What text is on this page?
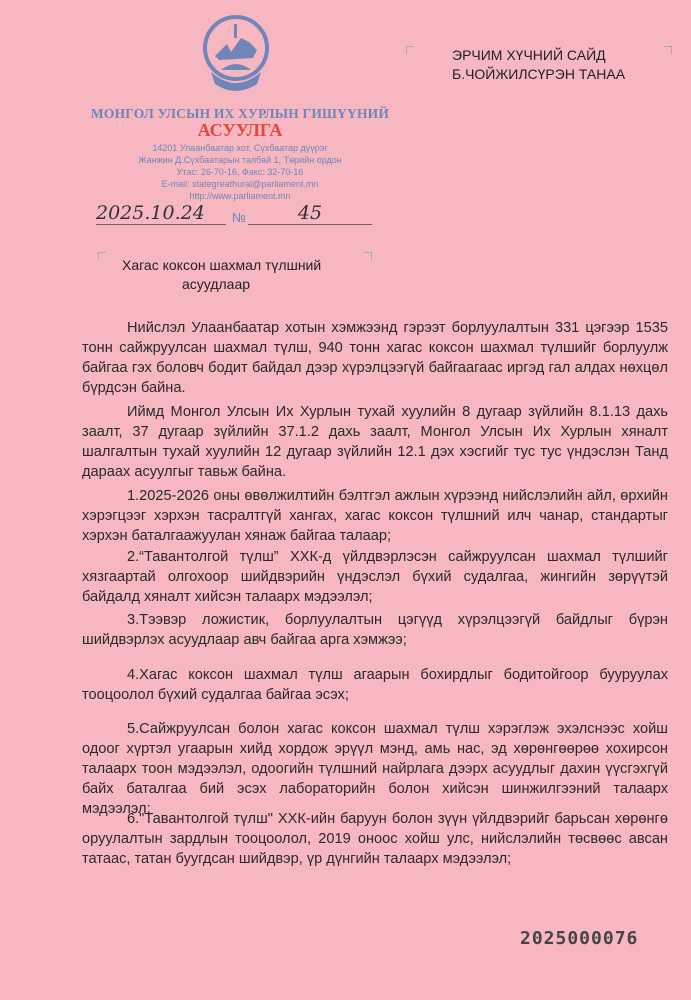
МОНГОЛ УЛСЫН ИХ ХУРЛЫН ГИШҮҮНИЙ
АСУУЛГА
14201 Улаанбаатар хот, Сүхбаатар дүүрэг
Жанжин Д.Сүхбаатарын талбай 1, Төрийн ордон
Утас: 26-70-16, Факс: 32-70-16
E-mail: stategreathural@parliament.mn
http://www.parliament.mn
2025.10.24	№	45
ЭРЧИМ ХҮЧНИЙ САЙД
Б.ЧОЙЖИЛСҮРЭН ТАНАА
Хагас коксон шахмал түлшний
асуудлаар
Нийслэл Улаанбаатар хотын хэмжээнд гэрээт борлуулалтын 331 цэгээр 1535 тонн сайжруулсан шахмал түлш, 940 тонн хагас коксон шахмал түлшийг борлуулж байгаа гэх боловч бодит байдал дээр хүрэлцээгүй байгаагаас иргэд гал алдах нөхцөл бүрдсэн байна.
Иймд Монгол Улсын Их Хурлын тухай хуулийн 8 дугаар зүйлийн 8.1.13 дахь заалт, 37 дугаар зүйлийн 37.1.2 дахь заалт, Монгол Улсын Их Хурлын хяналт шалгалтын тухай хуулийн 12 дугаар зүйлийн 12.1 дэх хэсгийг тус тус үндэслэн Танд дараах асуулгыг тавьж байна.
1.2025-2026 оны өвөлжилтийн бэлтгэл ажлын хүрээнд нийслэлийн айл, өрхийн хэрэгцээг хэрхэн тасралтгүй хангах, хагас коксон түлшний илч чанар, стандартыг хэрхэн баталгаажуулан хянаж байгаа талаар;
2.“Тавантолгой түлш” ХХК-д үйлдвэрлэсэн сайжруулсан шахмал түлшийг хязгаартай олгохоор шийдвэрийн үндэслэл бүхий судалгаа, жингийн зөрүүтэй байдалд хяналт хийсэн талаарх мэдээлэл;
3.Тээвэр ложистик, борлуулалтын цэгүүд хүрэлцээгүй байдлыг бүрэн шийдвэрлэх асуудлаар авч байгаа арга хэмжээ;
4.Хагас коксон шахмал түлш агаарын бохирдлыг бодитойгоор бууруулах тооцоолол бүхий судалгаа байгаа эсэх;
5.Сайжруулсан болон хагас коксон шахмал түлш хэрэглэж эхэлснээс хойш одоог хүртэл угаарын хийд хордож эрүүл мэнд, амь нас, эд хөрөнгөөрөө хохирсон талаарх тоон мэдээлэл, одоогийн түлшний найрлага дээрх асуудлыг дахин үүсгэхгүй байх баталгаа бий эсэх лабораторийн болон хийсэн шинжилгээний талаарх мэдээлэл;
6."Тавантолгой түлш" ХХК-ийн баруун болон зүүн үйлдвэрийг барьсан хөрөнгө оруулалтын зардлын тооцоолол, 2019 оноос хойш улс, нийслэлийн төсвөөс авсан татаас, татан буугдсан шийдвэр, үр дүнгийн талаарх мэдээлэл;
2025000076
